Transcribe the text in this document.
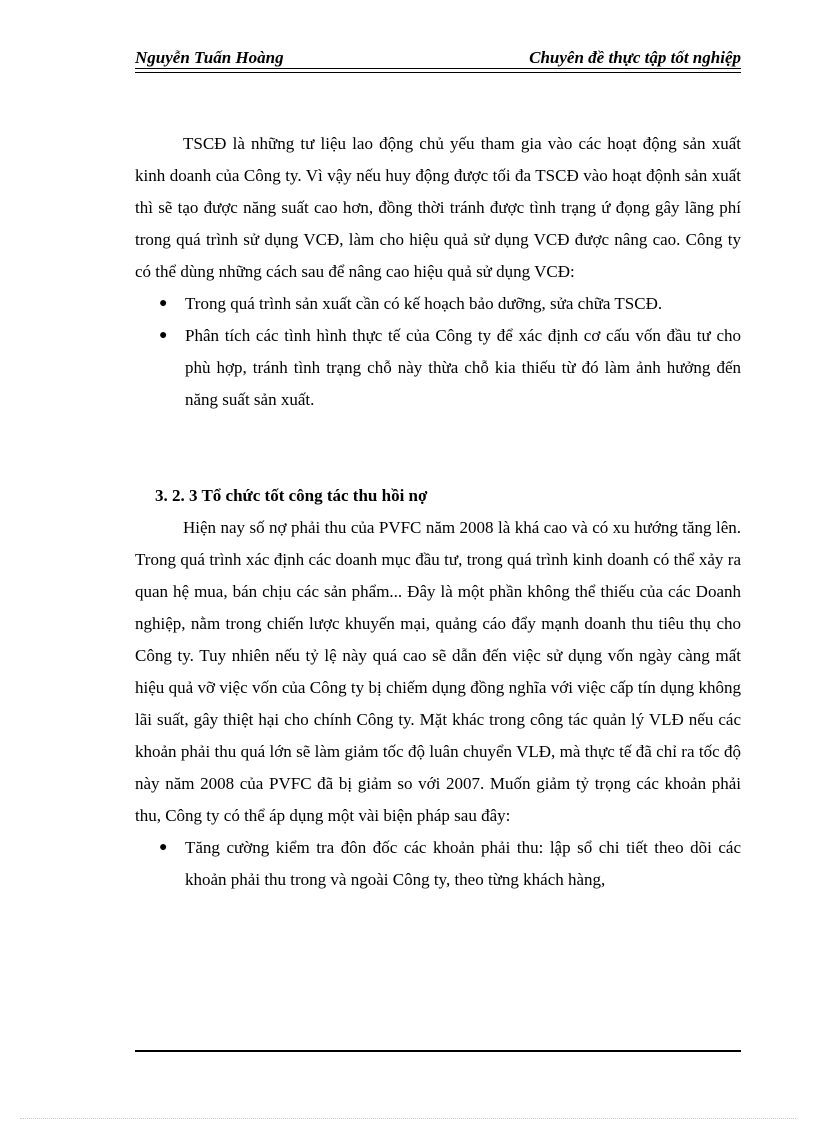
Nguyễn Tuấn Hoàng	Chuyên đề thực tập tốt nghiệp

TSCĐ là những tư liệu lao động chủ yếu tham gia vào các hoạt động sản xuất kinh doanh của Công ty. Vì vậy nếu huy động được tối đa TSCĐ vào hoạt độnh sản xuất thì sẽ tạo được năng suất cao hơn, đồng thời tránh được tình trạng ứ đọng gây lãng phí trong quá trình sử dụng VCĐ, làm cho hiệu quả sử dụng VCĐ được nâng cao. Công ty có thể dùng những cách sau để nâng cao hiệu quả sử dụng VCĐ:

● Trong quá trình sản xuất cần có kế hoạch bảo dưỡng, sửa chữa TSCĐ.
● Phân tích các tình hình thực tế của Công ty để xác định cơ cấu vốn đầu tư cho phù hợp, tránh tình trạng chỗ này thừa chỗ kia thiếu từ đó làm ảnh hưởng đến năng suất sản xuất.
3. 2. 3 Tổ chức tốt công tác thu hồi nợ

Hiện nay số nợ phải thu của PVFC năm 2008 là khá cao và có xu hướng tăng lên. Trong quá trình xác định các doanh mục đầu tư, trong quá trình kinh doanh có thể xảy ra quan hệ mua, bán chịu các sản phẩm... Đây là một phần không thể thiếu của các Doanh nghiệp, nằm trong chiến lược khuyến mại, quảng cáo đẩy mạnh doanh thu tiêu thụ cho Công ty. Tuy nhiên nếu tỷ lệ này quá cao sẽ dẫn đến việc sử dụng vốn ngày càng mất hiệu quả vỡ việc vốn của Công ty bị chiếm dụng đồng nghĩa với việc cấp tín dụng không lãi suất, gây thiệt hại cho chính Công ty. Mặt khác trong công tác quản lý VLĐ nếu các khoản phải thu quá lớn sẽ làm giảm tốc độ luân chuyển VLĐ, mà thực tế đã chỉ ra tốc độ này năm 2008 của PVFC đã bị giảm so với 2007. Muốn giảm tỷ trọng các khoản phải thu, Công ty có thể áp dụng một vài biện pháp sau đây:

● Tăng cường kiểm tra đôn đốc các khoản phải thu: lập sổ chi tiết theo dõi các khoản phải thu trong và ngoài Công ty, theo từng khách hàng,
